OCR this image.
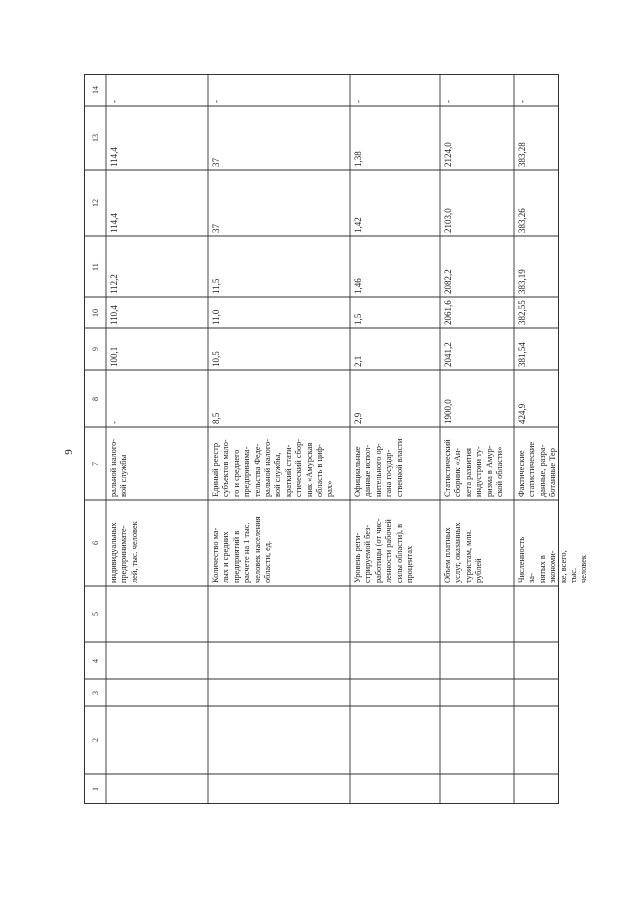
9
14
13
12
11
10
9
8
7
6
5
4
3
2
1
-
114,4
114,4
112,2
110,4
100,1
-
ральной налого-
вой службы
индивидуальных
предпринимате-
лей, тыс. человек
-
37
37
11,5
11,0
10,5
8,5
Единый реестр
субъектов мало-
го и среднего
предпринима-
тельства Феде-
ральной налого-
вой службы,
краткий стати-
стический сбор-
ник «Амурская
область в циф-
рах»
Количество ма-
лых и средних
предприятий в
расчете на 1 тыс.
человек населения
области, ед.
-
1,38
1,42
1,46
1,5
2,1
2,9
Официальные
данные испол-
нительного ор-
гана государ-
ственной власти
Уровень реги-
стрируемой без-
работицы (от чис-
ленности рабочей
силы области), в
процентах
-
2124,0
2103,0
2082,2
2061,6
2041,2
1900,0
Статистический
сборник «Ан-
кета развития
индустрии ту-
ризма в Амур-
ской области»
Объем платных
услуг, оказанных
туристам, млн.
рублей
-
383,28
383,26
383,19
382,55
381,54
424,9
Фактические
статистические
данные, разра-
ботанные Тер
Численность за-
нятых в экономи-
ке, всего, тыс.
человек
